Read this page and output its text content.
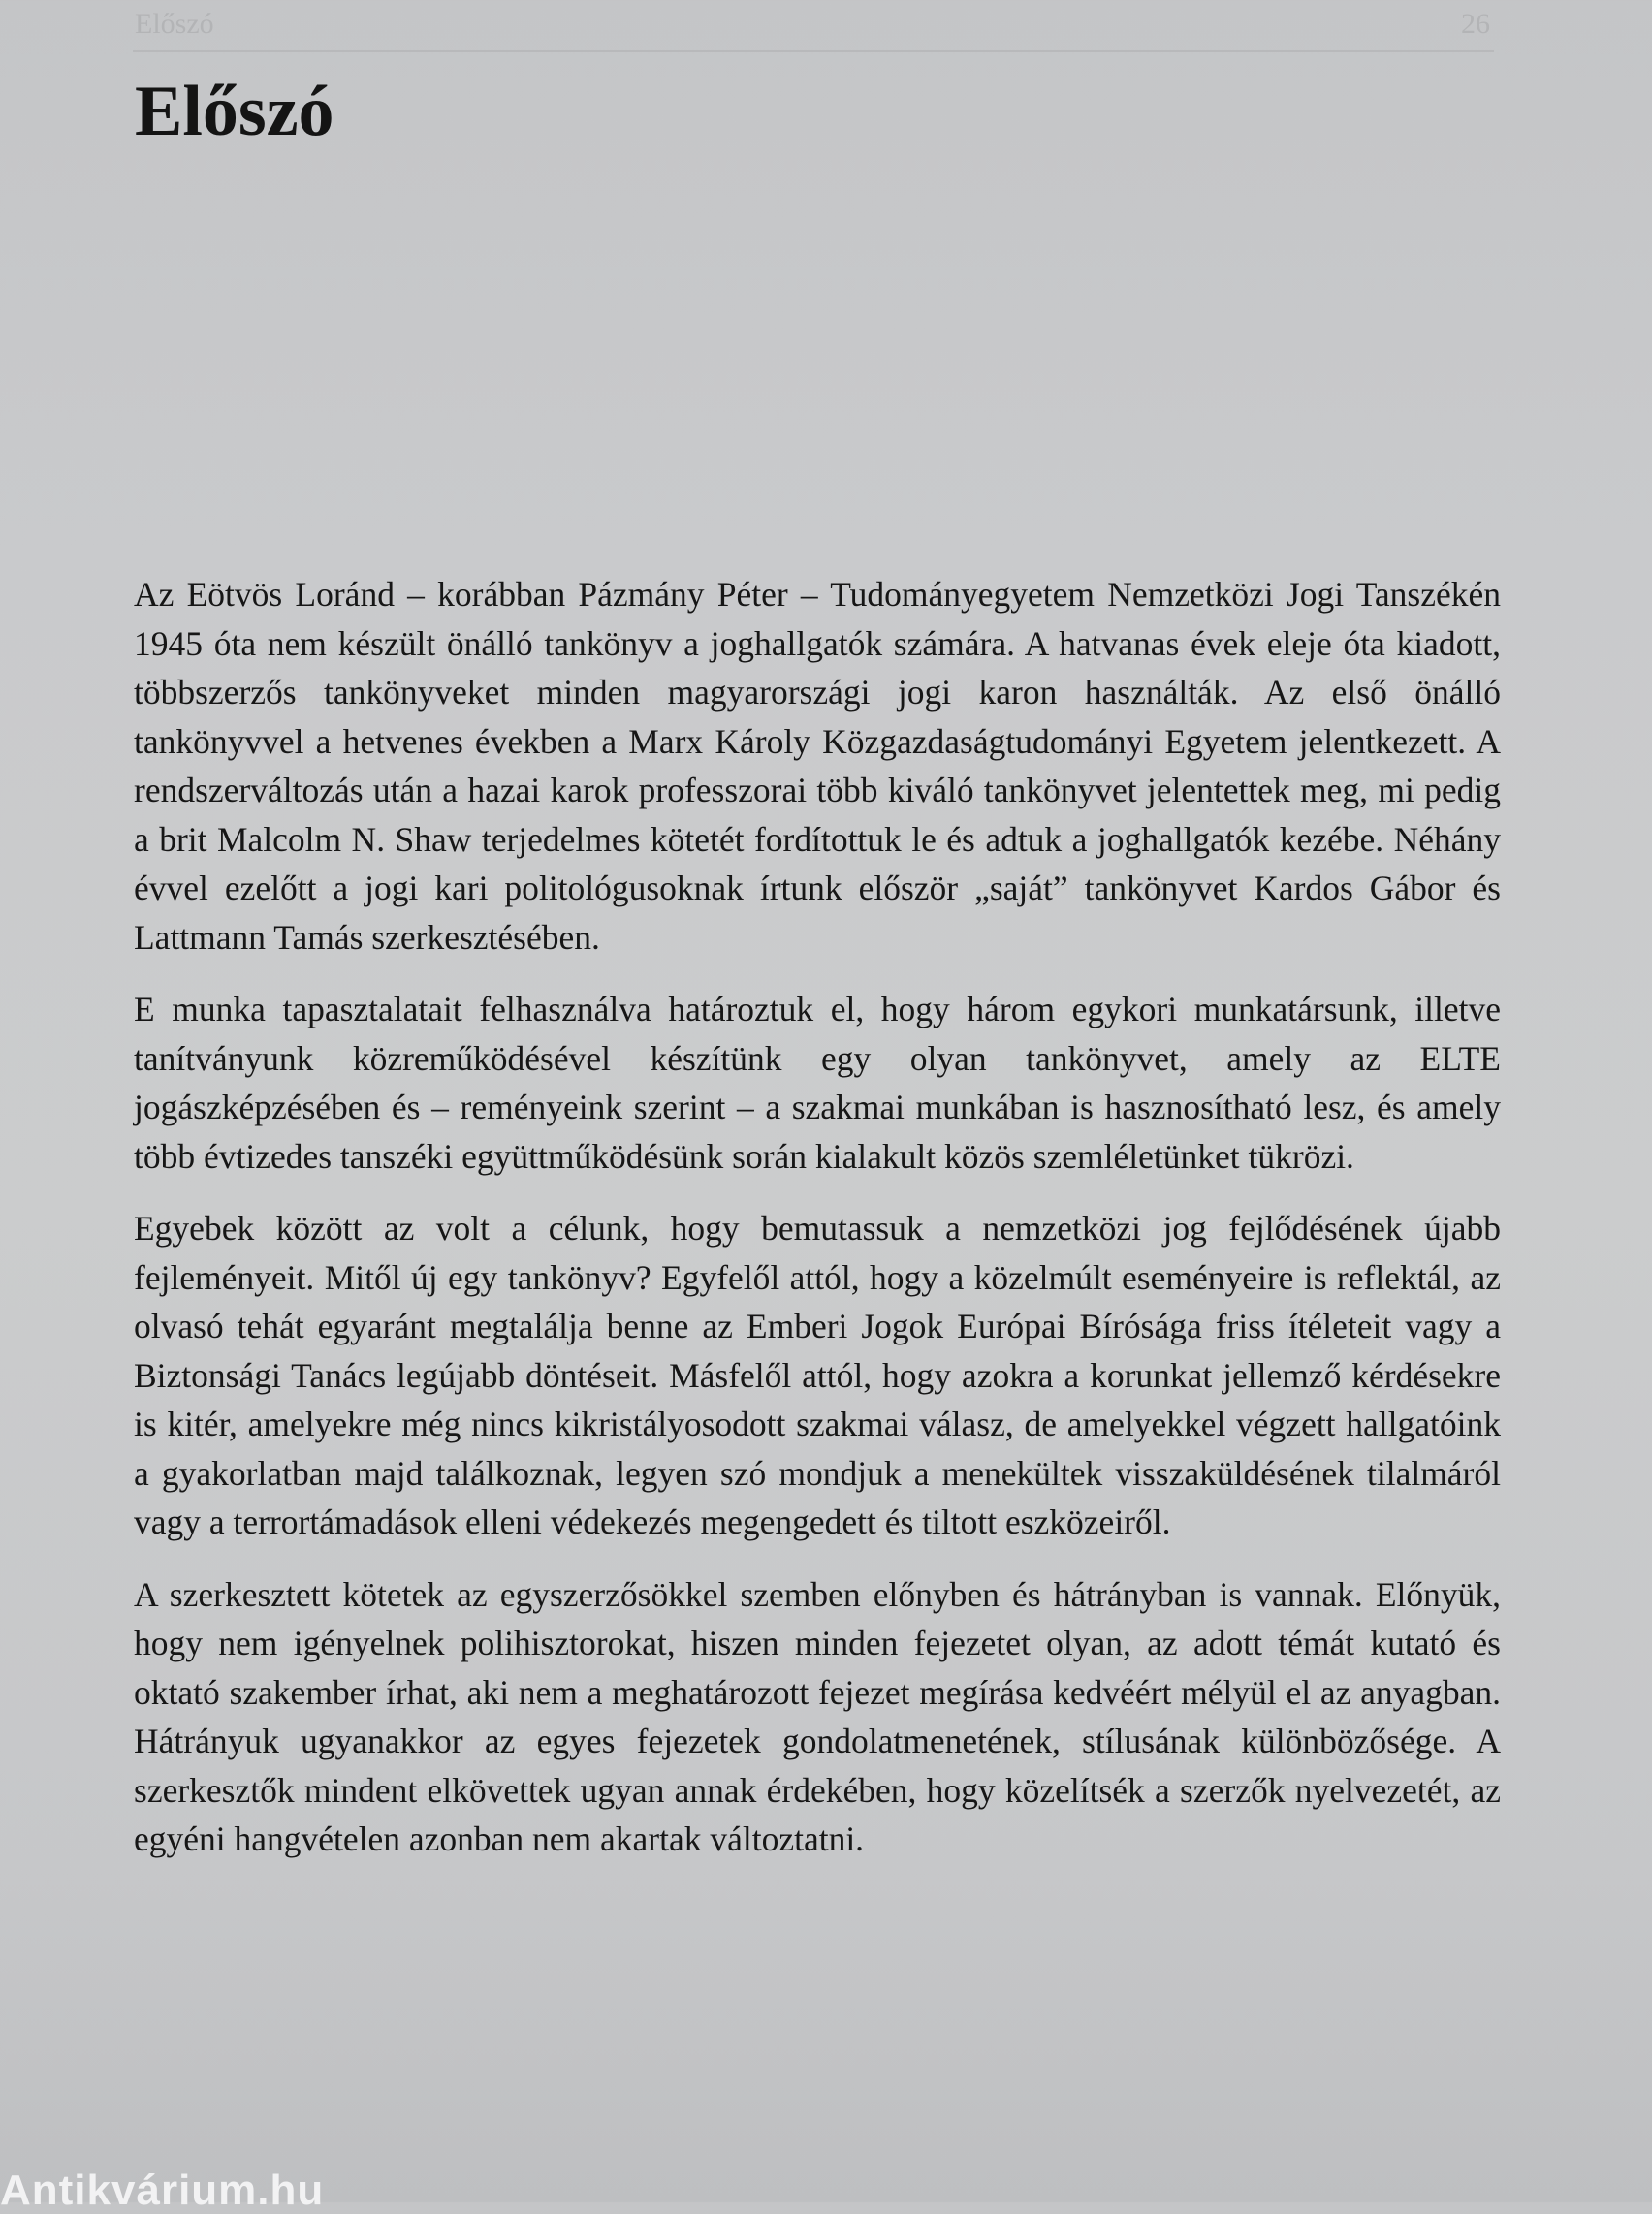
Előszó	26
Előszó

Az Eötvös Loránd – korábban Pázmány Péter – Tudományegyetem Nemzetközi Jogi Tanszékén 1945 óta nem készült önálló tankönyv a joghallgatók számára. A hatvanas évek eleje óta kiadott, többszerzős tankönyveket minden magyarországi jogi karon használták. Az első önálló tankönyvvel a hetvenes években a Marx Károly Közgazdaságtudományi Egyetem jelentkezett. A rendszerváltozás után a hazai karok professzorai több kiváló tankönyvet jelentettek meg, mi pedig a brit Malcolm N. Shaw terjedelmes kötetét fordítottuk le és adtuk a joghallgatók kezébe. Néhány évvel ezelőtt a jogi kari politológusoknak írtunk először „saját” tankönyvet Kardos Gábor és Lattmann Tamás szerkesztésében.

E munka tapasztalatait felhasználva határoztuk el, hogy három egykori munkatársunk, illetve tanítványunk közreműködésével készítünk egy olyan tankönyvet, amely az ELTE jogászképzésében és – reményeink szerint – a szakmai munkában is hasznosítható lesz, és amely több évtizedes tanszéki együttműködésünk során kialakult közös szemléletünket tükrözi.

Egyebek között az volt a célunk, hogy bemutassuk a nemzetközi jog fejlődésének újabb fejleményeit. Mitől új egy tankönyv? Egyfelől attól, hogy a közelmúlt eseményeire is reflektál, az olvasó tehát egyaránt megtalálja benne az Emberi Jogok Európai Bírósága friss ítéleteit vagy a Biztonsági Tanács legújabb döntéseit. Másfelől attól, hogy azokra a korunkat jellemző kérdésekre is kitér, amelyekre még nincs kikristályosodott szakmai válasz, de amelyekkel végzett hallgatóink a gyakorlatban majd találkoznak, legyen szó mondjuk a menekültek visszaküldésének tilalmáról vagy a terrortámadások elleni védekezés megengedett és tiltott eszközeiről.

A szerkesztett kötetek az egyszerzősökkel szemben előnyben és hátrányban is vannak. Előnyük, hogy nem igényelnek polihisztorokat, hiszen minden fejezetet olyan, az adott témát kutató és oktató szakember írhat, aki nem a meghatározott fejezet megírása kedvéért mélyül el az anyagban. Hátrányuk ugyanakkor az egyes fejezetek gondolatmenetének, stílusának különbözősége. A szerkesztők mindent elkövettek ugyan annak érdekében, hogy közelítsék a szerzők nyelvezetét, az egyéni hangvételen azonban nem akartak változtatni.

Antikvárium.hu
